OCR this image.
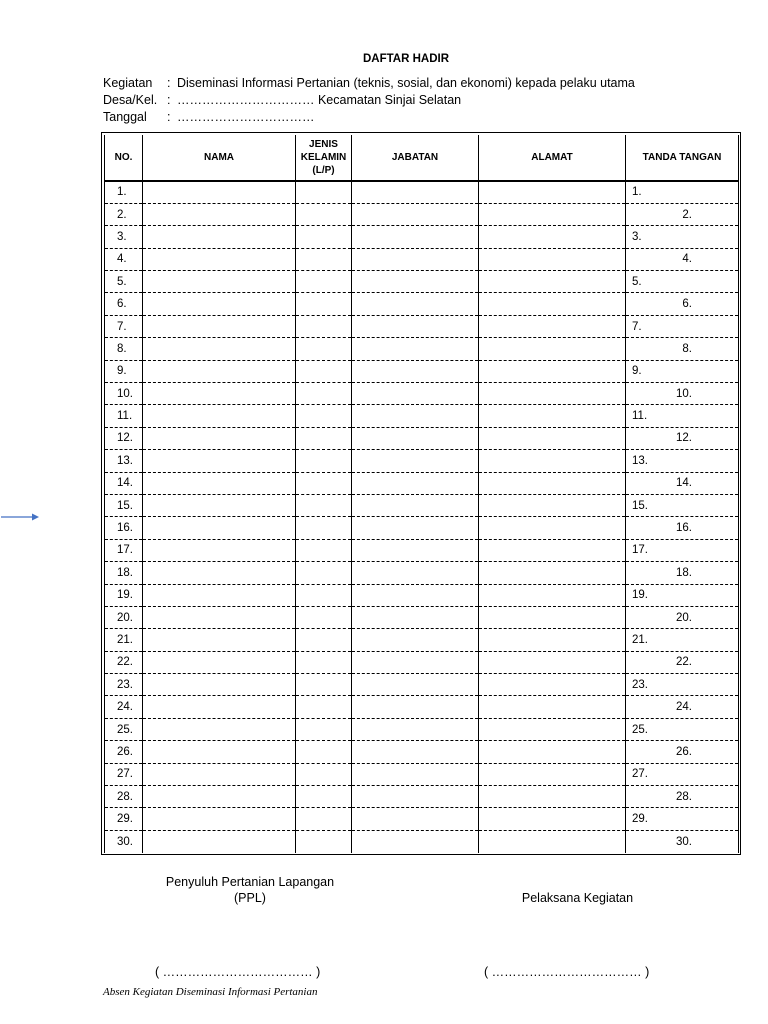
DAFTAR HADIR
Kegiatan : Diseminasi Informasi Pertanian (teknis, sosial, dan ekonomi) kepada pelaku utama
Desa/Kel. : …………………………… Kecamatan Sinjai Selatan
Tanggal : ……………………………
NO.	NAMA	JENIS
KELAMIN
(L/P)	JABATAN	ALAMAT	TANDA TANGAN
1.					1.
2.					2.
3.					3.
4.					4.
5.					5.
6.					6.
7.					7.
8.					8.
9.					9.
10.					10.
11.					11.
12.					12.
13.					13.
14.					14.
15.					15.
16.					16.
17.					17.
18.					18.
19.					19.
20.					20.
21.					21.
22.					22.
23.					23.
24.					24.
25.					25.
26.					26.
27.					27.
28.					28.
29.					29.
30.					30.
Penyuluh Pertanian Lapangan
(PPL)	Pelaksana Kegiatan
( ……………………………… )	( ……………………………… )
Absen Kegiatan Diseminasi Informasi Pertanian
